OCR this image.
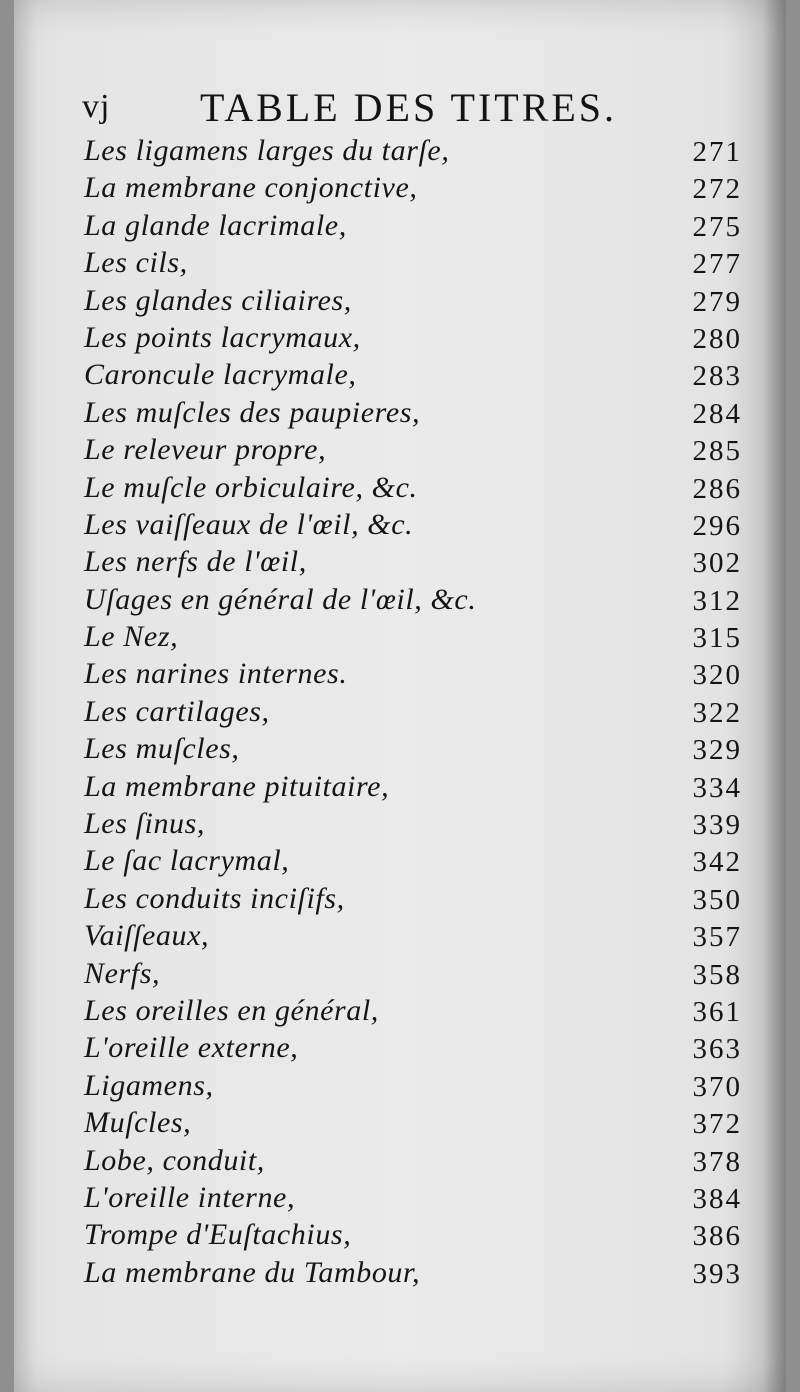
vj TABLE DES TITRES.
Les ligamens larges du tarſe,	271
La membrane conjonctive,	272
La glande lacrimale,	275
Les cils,	277
Les glandes ciliaires,	279
Les points lacrymaux,	280
Caroncule lacrymale,	283
Les muſcles des paupieres,	284
Le releveur propre,	285
Le muſcle orbiculaire, &c.	286
Les vaiſſeaux de l'œil, &c.	296
Les nerfs de l'œil,	302
Uſages en général de l'œil, &c.	312
Le Nez,	315
Les narines internes.	320
Les cartilages,	322
Les muſcles,	329
La membrane pituitaire,	334
Les ſinus,	339
Le ſac lacrymal,	342
Les conduits inciſifs,	350
Vaiſſeaux,	357
Nerfs,	358
Les oreilles en général,	361
L'oreille externe,	363
Ligamens,	370
Muſcles,	372
Lobe, conduit,	378
L'oreille interne,	384
Trompe d'Euſtachius,	386
La membrane du Tambour,	393
